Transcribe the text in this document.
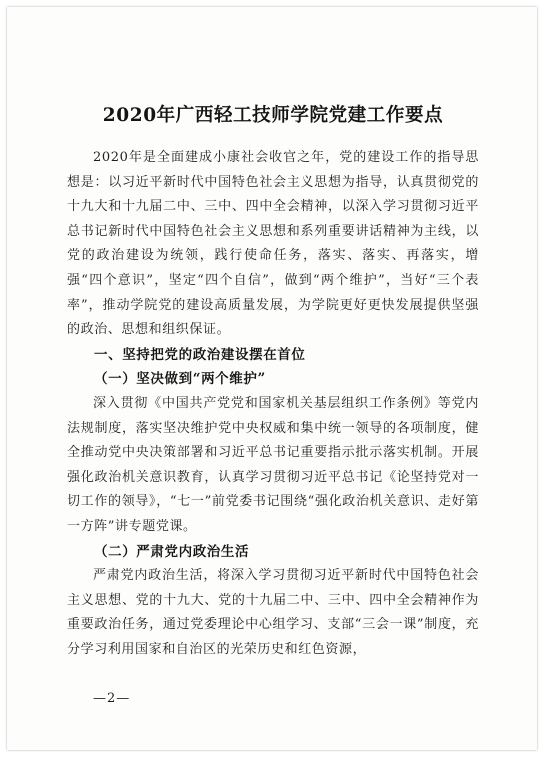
2020年广西轻工技师学院党建工作要点

2020年是全面建成小康社会收官之年，党的建设工作的指导思想是：以习近平新时代中国特色社会主义思想为指导，认真贯彻党的十九大和十九届二中、三中、四中全会精神，以深入学习贯彻习近平总书记新时代中国特色社会主义思想和系列重要讲话精神为主线，以党的政治建设为统领，践行使命任务，落实、落实、再落实，增强“四个意识”，坚定“四个自信”，做到“两个维护”，当好“三个表率”，推动学院党的建设高质量发展，为学院更好更快发展提供坚强的政治、思想和组织保证。

一、坚持把党的政治建设摆在首位

（一）坚决做到“两个维护”

深入贯彻《中国共产党党和国家机关基层组织工作条例》等党内法规制度，落实坚决维护党中央权威和集中统一领导的各项制度，健全推动党中央决策部署和习近平总书记重要指示批示落实机制。开展强化政治机关意识教育，认真学习贯彻习近平总书记《论坚持党对一切工作的领导》，“七一”前党委书记围绕“强化政治机关意识、走好第一方阵”讲专题党课。

（二）严肃党内政治生活

严肃党内政治生活，将深入学习贯彻习近平新时代中国特色社会主义思想、党的十九大、党的十九届二中、三中、四中全会精神作为重要政治任务，通过党委理论中心组学习、支部“三会一课”制度，充分学习利用国家和自治区的光荣历史和红色资源，

—2—
